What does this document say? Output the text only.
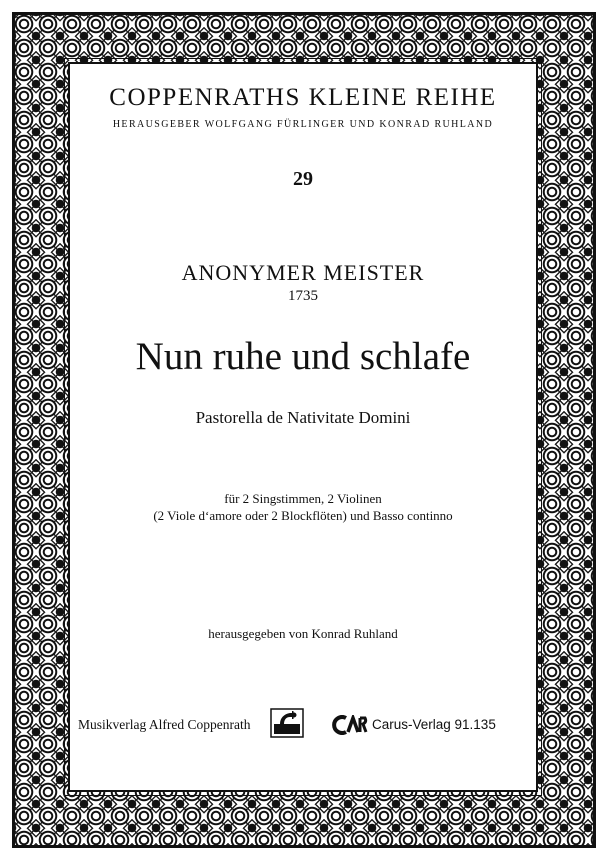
COPPENRATHS KLEINE REIHE
HERAUSGEBER WOLFGANG FÜRLINGER UND KONRAD RUHLAND
29
ANONYMER MEISTER
1735
Nun ruhe und schlafe
Pastorella de Nativitate Domini
für 2 Singstimmen, 2 Violinen
(2 Viole d‘amore oder 2 Blockflöten) und Basso continno
herausgegeben von Konrad Ruhland
Musikverlag Alfred Coppenrath	Carus-Verlag 91.135
